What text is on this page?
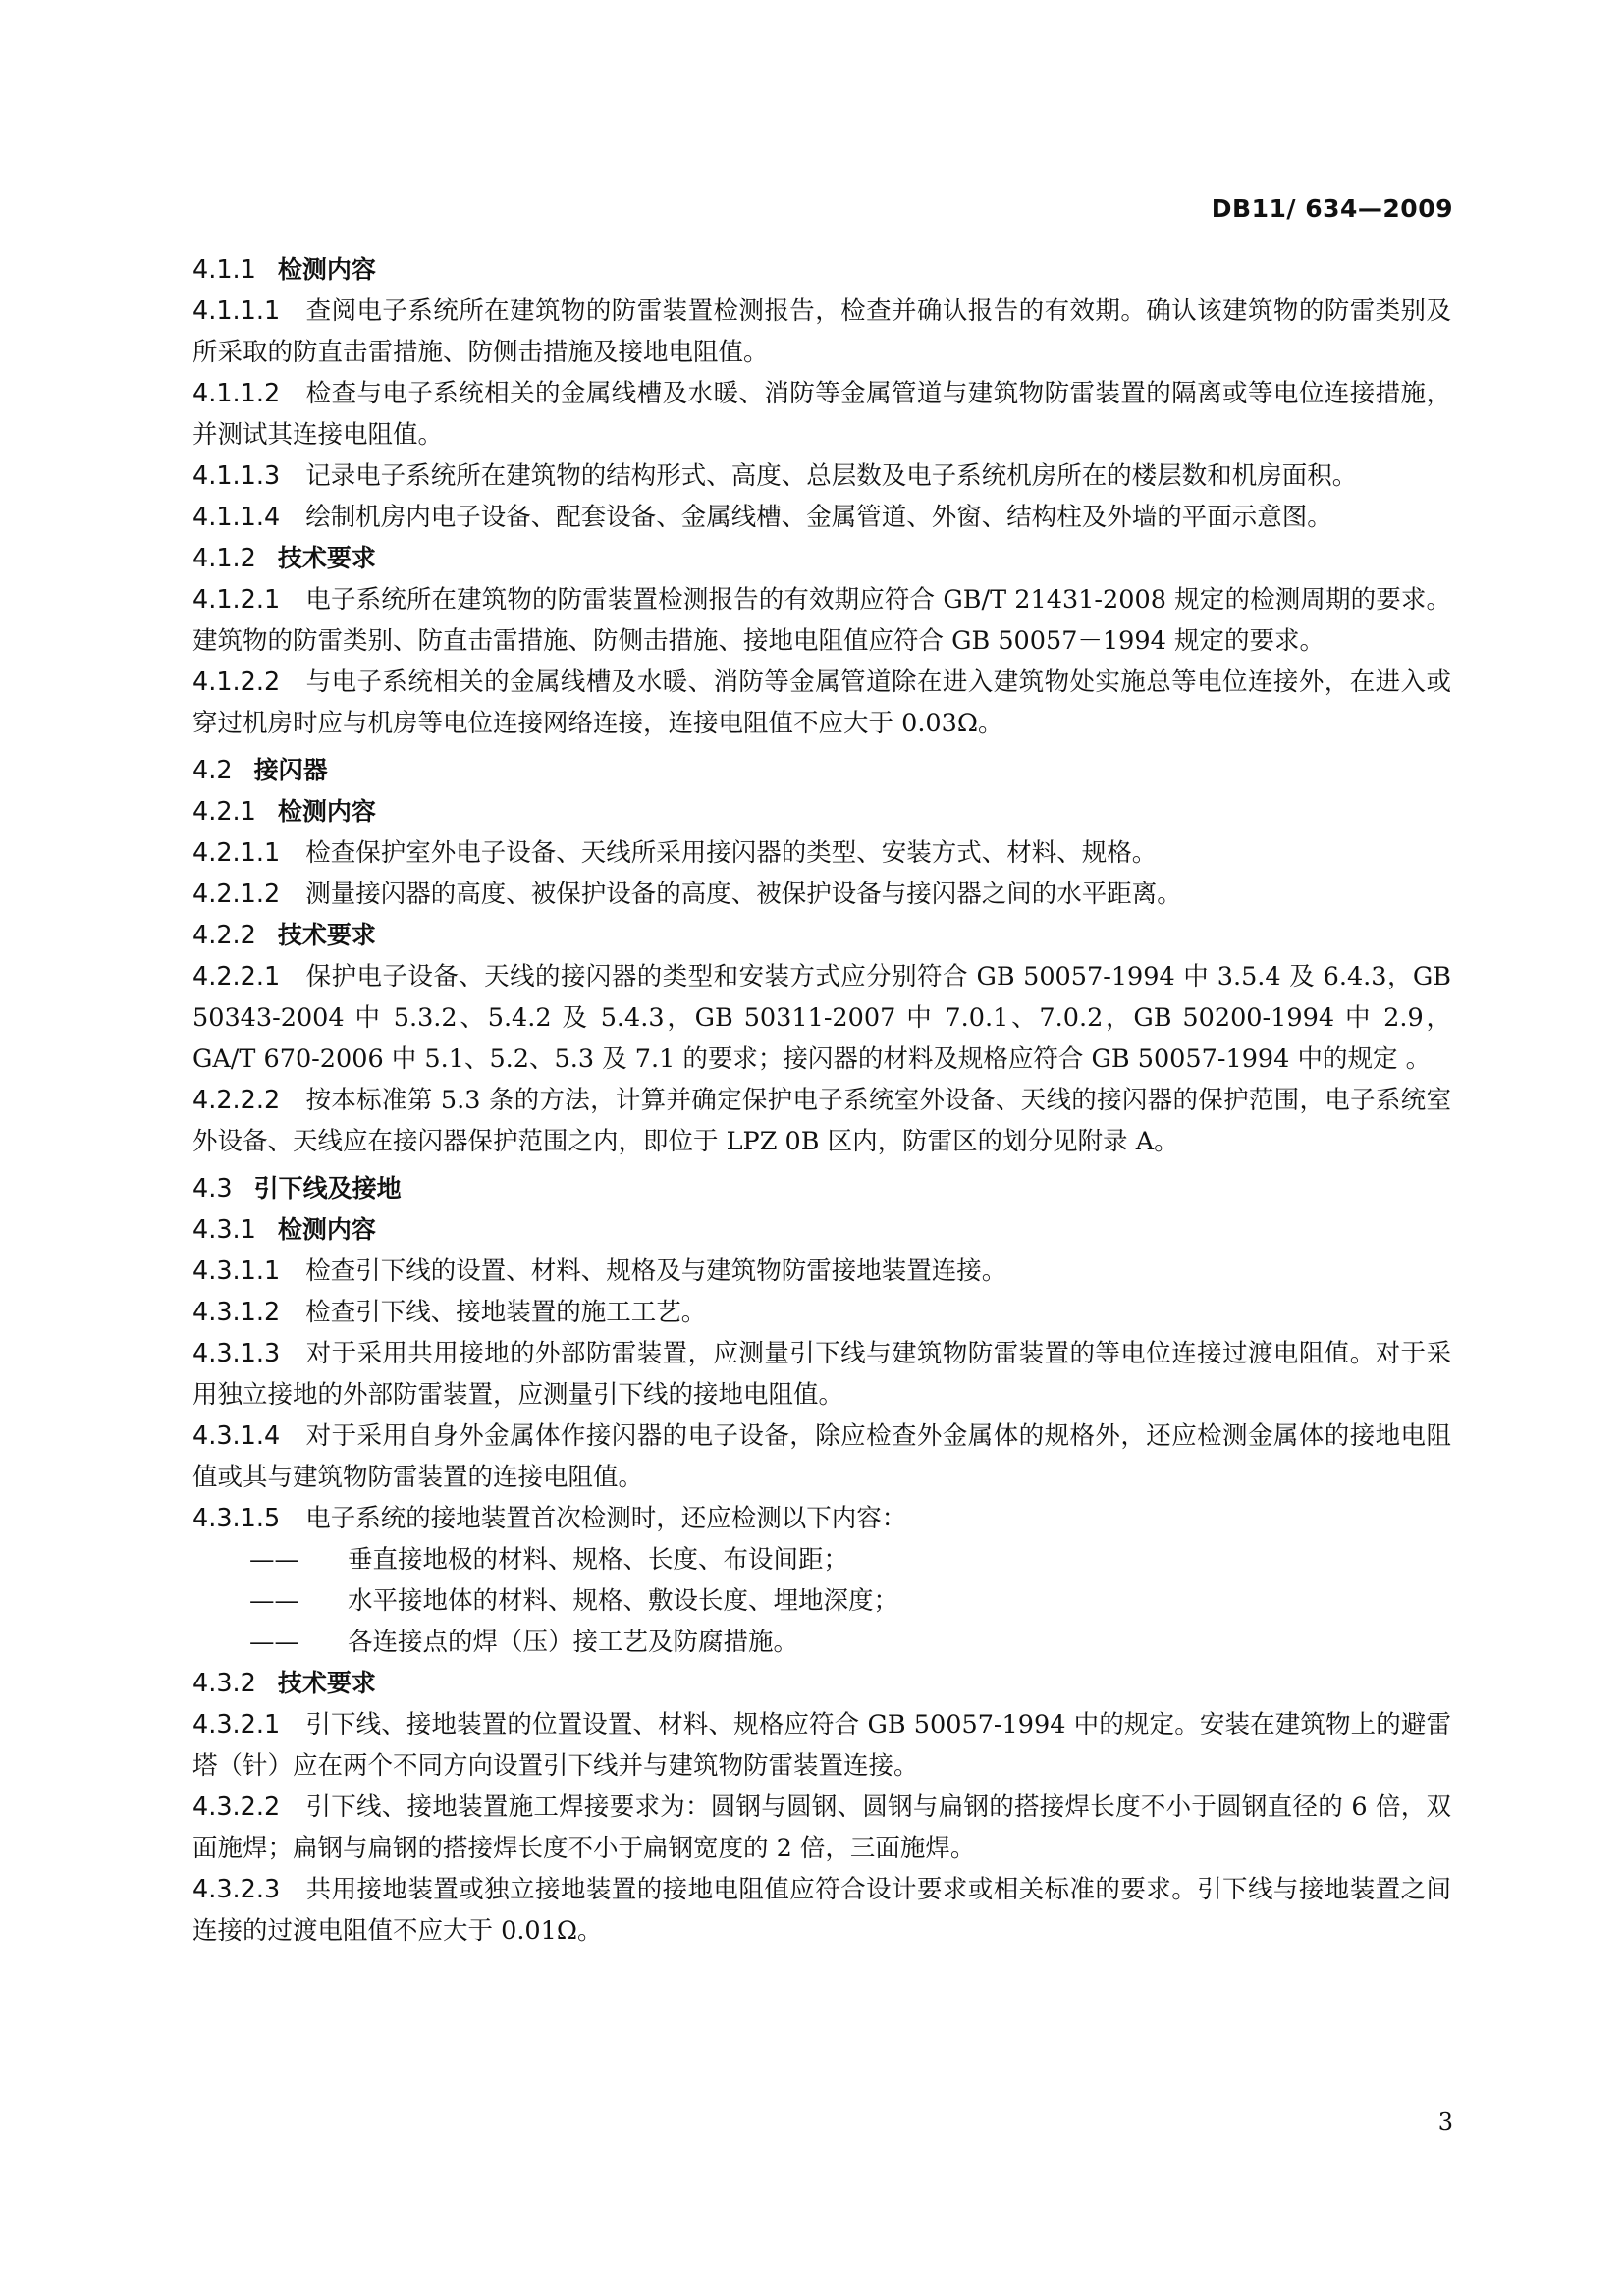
DB11/ 634—2009
4.1.1 检测内容
4.1.1.1 查阅电子系统所在建筑物的防雷装置检测报告，检查并确认报告的有效期。确认该建筑物的防雷类别及所采取的防直击雷措施、防侧击措施及接地电阻值。
4.1.1.2 检查与电子系统相关的金属线槽及水暖、消防等金属管道与建筑物防雷装置的隔离或等电位连接措施，并测试其连接电阻值。
4.1.1.3 记录电子系统所在建筑物的结构形式、高度、总层数及电子系统机房所在的楼层数和机房面积。
4.1.1.4 绘制机房内电子设备、配套设备、金属线槽、金属管道、外窗、结构柱及外墙的平面示意图。
4.1.2 技术要求
4.1.2.1 电子系统所在建筑物的防雷装置检测报告的有效期应符合 GB/T 21431-2008 规定的检测周期的要求。建筑物的防雷类别、防直击雷措施、防侧击措施、接地电阻值应符合 GB 50057－1994 规定的要求。
4.1.2.2 与电子系统相关的金属线槽及水暖、消防等金属管道除在进入建筑物处实施总等电位连接外，在进入或穿过机房时应与机房等电位连接网络连接，连接电阻值不应大于 0.03Ω。
4.2 接闪器
4.2.1 检测内容
4.2.1.1 检查保护室外电子设备、天线所采用接闪器的类型、安装方式、材料、规格。
4.2.1.2 测量接闪器的高度、被保护设备的高度、被保护设备与接闪器之间的水平距离。
4.2.2 技术要求
4.2.2.1 保护电子设备、天线的接闪器的类型和安装方式应分别符合 GB 50057-1994 中 3.5.4 及 6.4.3，GB 50343-2004 中 5.3.2、5.4.2 及 5.4.3，GB 50311-2007 中 7.0.1、7.0.2，GB 50200-1994 中 2.9，GA/T 670-2006 中 5.1、5.2、5.3 及 7.1 的要求；接闪器的材料及规格应符合 GB 50057-1994 中的规定 。
4.2.2.2 按本标准第 5.3 条的方法，计算并确定保护电子系统室外设备、天线的接闪器的保护范围，电子系统室外设备、天线应在接闪器保护范围之内，即位于 LPZ 0B 区内，防雷区的划分见附录 A。
4.3 引下线及接地
4.3.1 检测内容
4.3.1.1 检查引下线的设置、材料、规格及与建筑物防雷接地装置连接。
4.3.1.2 检查引下线、接地装置的施工工艺。
4.3.1.3 对于采用共用接地的外部防雷装置，应测量引下线与建筑物防雷装置的等电位连接过渡电阻值。对于采用独立接地的外部防雷装置，应测量引下线的接地电阻值。
4.3.1.4 对于采用自身外金属体作接闪器的电子设备，除应检查外金属体的规格外，还应检测金属体的接地电阻值或其与建筑物防雷装置的连接电阻值。
4.3.1.5 电子系统的接地装置首次检测时，还应检测以下内容：
—— 垂直接地极的材料、规格、长度、布设间距；
—— 水平接地体的材料、规格、敷设长度、埋地深度；
—— 各连接点的焊（压）接工艺及防腐措施。
4.3.2 技术要求
4.3.2.1 引下线、接地装置的位置设置、材料、规格应符合 GB 50057-1994 中的规定。安装在建筑物上的避雷塔（针）应在两个不同方向设置引下线并与建筑物防雷装置连接。
4.3.2.2 引下线、接地装置施工焊接要求为：圆钢与圆钢、圆钢与扁钢的搭接焊长度不小于圆钢直径的 6 倍，双面施焊；扁钢与扁钢的搭接焊长度不小于扁钢宽度的 2 倍，三面施焊。
4.3.2.3 共用接地装置或独立接地装置的接地电阻值应符合设计要求或相关标准的要求。引下线与接地装置之间连接的过渡电阻值不应大于 0.01Ω。
3
